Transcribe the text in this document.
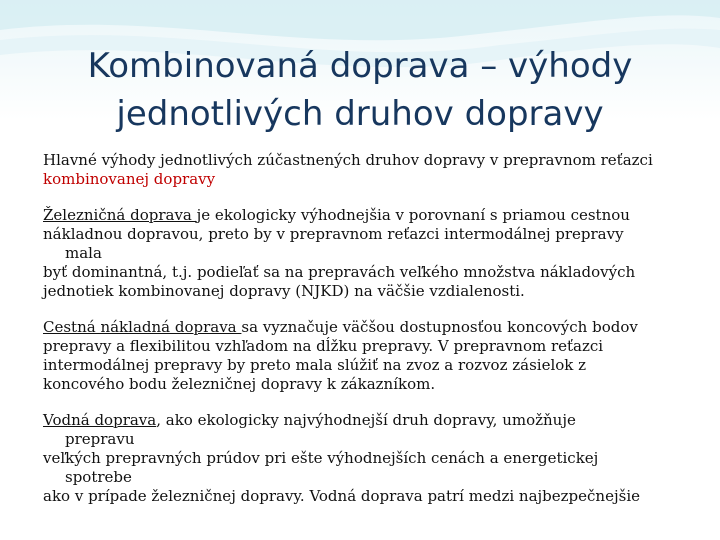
Kombinovaná doprava – výhody
jednotlivých druhov dopravy

Hlavné výhody jednotlivých zúčastnených druhov dopravy v prepravnom reťazci
kombinovanej dopravy

Železničná doprava je ekologicky výhodnejšia v porovnaní s priamou cestnou
nákladnou dopravou, preto by v prepravnom reťazci intermodálnej prepravy
mala
byť dominantná, t.j. podieľať sa na prepravách veľkého množstva nákladových
jednotiek kombinovanej dopravy (NJKD) na väčšie vzdialenosti.

Cestná nákladná doprava sa vyznačuje väčšou dostupnosťou koncových bodov
prepravy a flexibilitou vzhľadom na dĺžku prepravy. V prepravnom reťazci
intermodálnej prepravy by preto mala slúžiť na zvoz a rozvoz zásielok z
koncového bodu železničnej dopravy k zákazníkom.

Vodná doprava, ako ekologicky najvýhodnejší druh dopravy, umožňuje
prepravu
veľkých prepravných prúdov pri ešte výhodnejších cenách a energetickej
spotrebe
ako v prípade železničnej dopravy. Vodná doprava patrí medzi najbezpečnejšie
